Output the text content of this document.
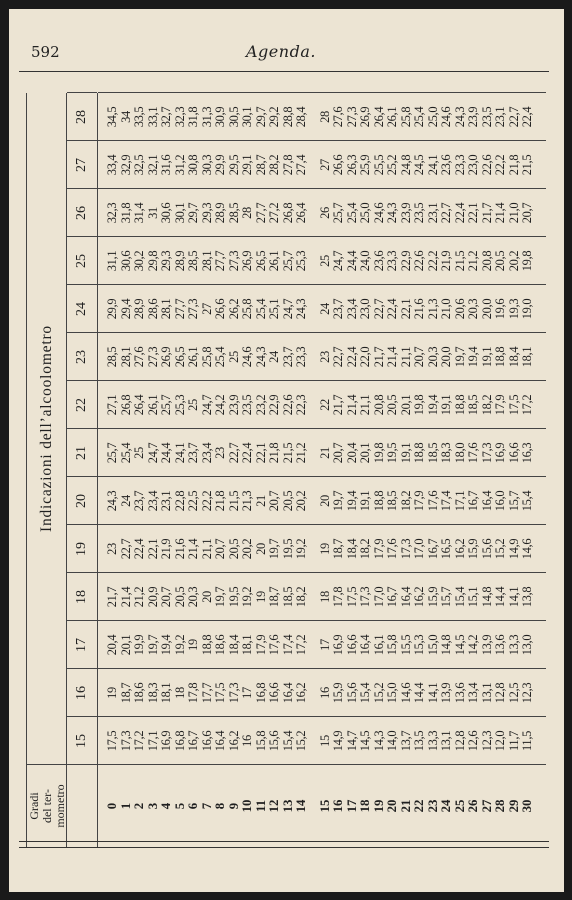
592	Agenda.
Gradi del ter- mometro
Indicazioni dell’alcoolometro
15
16
17
18
19
20
21
22
23
24
25
26
27
28
0 1 2 3 4 5 6 7 8 9 10 11 12 13 14 15 16 17 18 19 20 21 22 23 24 25 26 27 28 29 30
17,5 17,3 17,2 17,1 16,9 16,8 16,7 16,6 16,4 16,2 16 15,8 15,6 15,4 15,2 15 14,9 14,7 14,5 14,3 14,0 13,7 13,5 13,3 13,1 12,8 12,6 12,3 12,0 11,7 11,5
19 18,7 18,6 18,3 18,1 18 17,8 17,7 17,5 17,3 17 16,8 16,6 16,4 16,2 16 15,9 15,6 15,4 15,2 15,0 14,6 14,4 14,1 13,9 13,6 13,4 13,1 12,8 12,5 12,3
20,4 20,1 19,9 19,7 19,4 19,2 19 18,8 18,6 18,4 18,1 17,9 17,6 17,4 17,2 17 16,9 16,6 16,4 16,1 15,8 15,5 15,3 15,0 14,8 14,5 14,2 13,9 13,6 13,3 13,0
21,7 21,4 21,2 20,9 20,7 20,5 20,3 20 19,7 19,5 19,2 19 18,7 18,5 18,2 18 17,8 17,5 17,3 17,0 16,7 16,4 16,2 15,9 15,7 15,4 15,1 14,8 14,4 14,1 13,8
23 22,7 22,4 22,1 21,9 21,6 21,4 21,1 20,7 20,5 20,2 20 19,7 19,5 19,2 19 18,7 18,4 18,2 17,9 17,6 17,3 17,0 16,7 16,5 16,2 15,9 15,6 15,2 14,9 14,6
24,3 24 23,7 23,4 23,1 22,8 22,5 22,2 21,8 21,5 21,3 21 20,7 20,5 20,2 20 19,7 19,4 19,1 18,8 18,5 18,2 17,9 17,6 17,4 17,1 16,7 16,4 16,0 15,7 15,4
25,7 25,4 25 24,7 24,4 24,1 23,7 23,4 23 22,7 22,4 22,1 21,8 21,5 21,2 21 20,7 20,4 20,1 19,8 19,5 19,1 18,8 18,5 18,3 18,0 17,6 17,3 16,9 16,6 16,3
27,1 26,8 26,4 26,1 25,7 25,3 25 24,7 24,2 23,9 23,5 23,2 22,9 22,6 22,3 22 21,7 21,4 21,1 20,8 20,5 20,1 19,8 19,4 19,1 18,8 18,5 18,2 17,9 17,5 17,2
28,5 28,1 27,6 27,3 26,9 26,5 26,1 25,8 25,4 25 24,6 24,3 24 23,7 23,3 23 22,7 22,4 22,0 21,7 21,4 21,1 20,7 20,3 20,0 19,7 19,4 19,1 18,8 18,4 18,1
29,9 29,4 28,9 28,6 28,1 27,7 27,3 27 26,6 26,2 25,8 25,4 25,1 24,7 24,3 24 23,7 23,4 23,0 22,7 22,4 22,1 21,6 21,3 21,0 20,6 20,3 20,0 19,6 19,3 19,0
31,1 30,6 30,2 29,8 29,3 28,9 28,5 28,1 27,7 27,3 26,9 26,5 26,1 25,7 25,3 25 24,7 24,4 24,0 23,6 23,3 22,9 22,6 22,2 21,9 21,5 21,2 20,8 20,5 20,2 19,8
32,3 31,8 31,4 31 30,6 30,1 29,7 29,3 28,9 28,5 28 27,7 27,2 26,8 26,4 26 25,7 25,4 25,0 24,6 24,3 23,9 23,5 23,1 22,7 22,4 22,1 21,7 21,4 21,0 20,7
33,4 32,9 32,5 32,1 31,6 31,2 30,8 30,3 29,9 29,5 29,1 28,7 28,2 27,8 27,4 27 26,6 26,3 25,9 25,5 25,2 24,8 24,5 24,1 23,6 23,3 23,0 22,6 22,2 21,8 21,5
34,5 34 33,5 33,1 32,7 32,3 31,8 31,3 30,9 30,5 30,1 29,7 29,2 28,8 28,4 28 27,6 27,3 26,9 26,4 26,1 25,8 25,4 25,0 24,6 24,3 23,9 23,5 23,1 22,7 22,4
